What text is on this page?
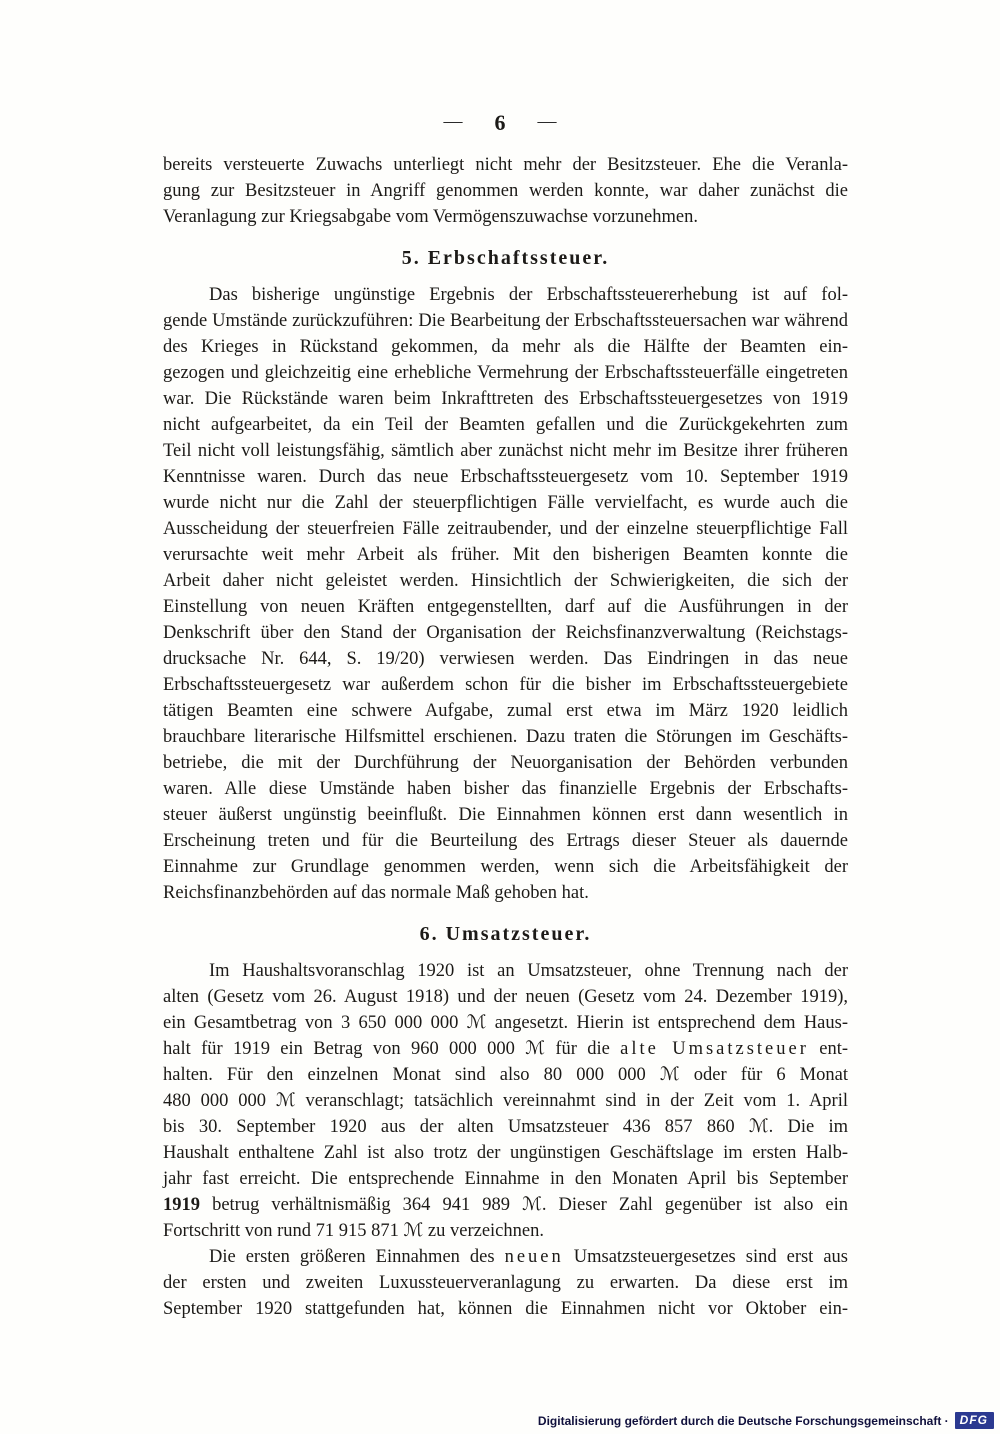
— 6 —
bereits versteuerte Zuwachs unterliegt nicht mehr der Besitzsteuer. Ehe die Veranla-
gung zur Besitzsteuer in Angriff genommen werden konnte, war daher zunächst die
Veranlagung zur Kriegsabgabe vom Vermögenszuwachse vorzunehmen.
5. Erbschaftssteuer.
Das bisherige ungünstige Ergebnis der Erbschaftssteuererhebung ist auf fol-
gende Umstände zurückzuführen: Die Bearbeitung der Erbschaftssteuersachen war während
des Krieges in Rückstand gekommen, da mehr als die Hälfte der Beamten ein-
gezogen und gleichzeitig eine erhebliche Vermehrung der Erbschaftssteuerfälle eingetreten
war. Die Rückstände waren beim Inkrafttreten des Erbschaftssteuergesetzes von 1919
nicht aufgearbeitet, da ein Teil der Beamten gefallen und die Zurückgekehrten zum
Teil nicht voll leistungsfähig, sämtlich aber zunächst nicht mehr im Besitze ihrer früheren
Kenntnisse waren. Durch das neue Erbschaftssteuergesetz vom 10. September 1919
wurde nicht nur die Zahl der steuerpflichtigen Fälle vervielfacht, es wurde auch die
Ausscheidung der steuerfreien Fälle zeitraubender, und der einzelne steuerpflichtige Fall
verursachte weit mehr Arbeit als früher. Mit den bisherigen Beamten konnte die
Arbeit daher nicht geleistet werden. Hinsichtlich der Schwierigkeiten, die sich der
Einstellung von neuen Kräften entgegenstellten, darf auf die Ausführungen in der
Denkschrift über den Stand der Organisation der Reichsfinanzverwaltung (Reichstags-
drucksache Nr. 644, S. 19/20) verwiesen werden. Das Eindringen in das neue
Erbschaftssteuergesetz war außerdem schon für die bisher im Erbschaftssteuergebiete
tätigen Beamten eine schwere Aufgabe, zumal erst etwa im März 1920 leidlich
brauchbare literarische Hilfsmittel erschienen. Dazu traten die Störungen im Geschäfts-
betriebe, die mit der Durchführung der Neuorganisation der Behörden verbunden
waren. Alle diese Umstände haben bisher das finanzielle Ergebnis der Erbschafts-
steuer äußerst ungünstig beeinflußt. Die Einnahmen können erst dann wesentlich in
Erscheinung treten und für die Beurteilung des Ertrags dieser Steuer als dauernde
Einnahme zur Grundlage genommen werden, wenn sich die Arbeitsfähigkeit der
Reichsfinanzbehörden auf das normale Maß gehoben hat.
6. Umsatzsteuer.
Im Haushaltsvoranschlag 1920 ist an Umsatzsteuer, ohne Trennung nach der
alten (Gesetz vom 26. August 1918) und der neuen (Gesetz vom 24. Dezember 1919),
ein Gesamtbetrag von 3 650 000 000 ℳ angesetzt. Hierin ist entsprechend dem Haus-
halt für 1919 ein Betrag von 960 000 000 ℳ für die alte Umsatzsteuer ent-
halten. Für den einzelnen Monat sind also 80 000 000 ℳ oder für 6 Monat
480 000 000 ℳ veranschlagt; tatsächlich vereinnahmt sind in der Zeit vom 1. April
bis 30. September 1920 aus der alten Umsatzsteuer 436 857 860 ℳ. Die im
Haushalt enthaltene Zahl ist also trotz der ungünstigen Geschäftslage im ersten Halb-
jahr fast erreicht. Die entsprechende Einnahme in den Monaten April bis September
1919 betrug verhältnismäßig 364 941 989 ℳ. Dieser Zahl gegenüber ist also ein
Fortschritt von rund 71 915 871 ℳ zu verzeichnen.
Die ersten größeren Einnahmen des neuen Umsatzsteuergesetzes sind erst aus
der ersten und zweiten Luxussteuerveranlagung zu erwarten. Da diese erst im
September 1920 stattgefunden hat, können die Einnahmen nicht vor Oktober ein-
Digitalisierung gefördert durch die Deutsche Forschungsgemeinschaft · DFG
